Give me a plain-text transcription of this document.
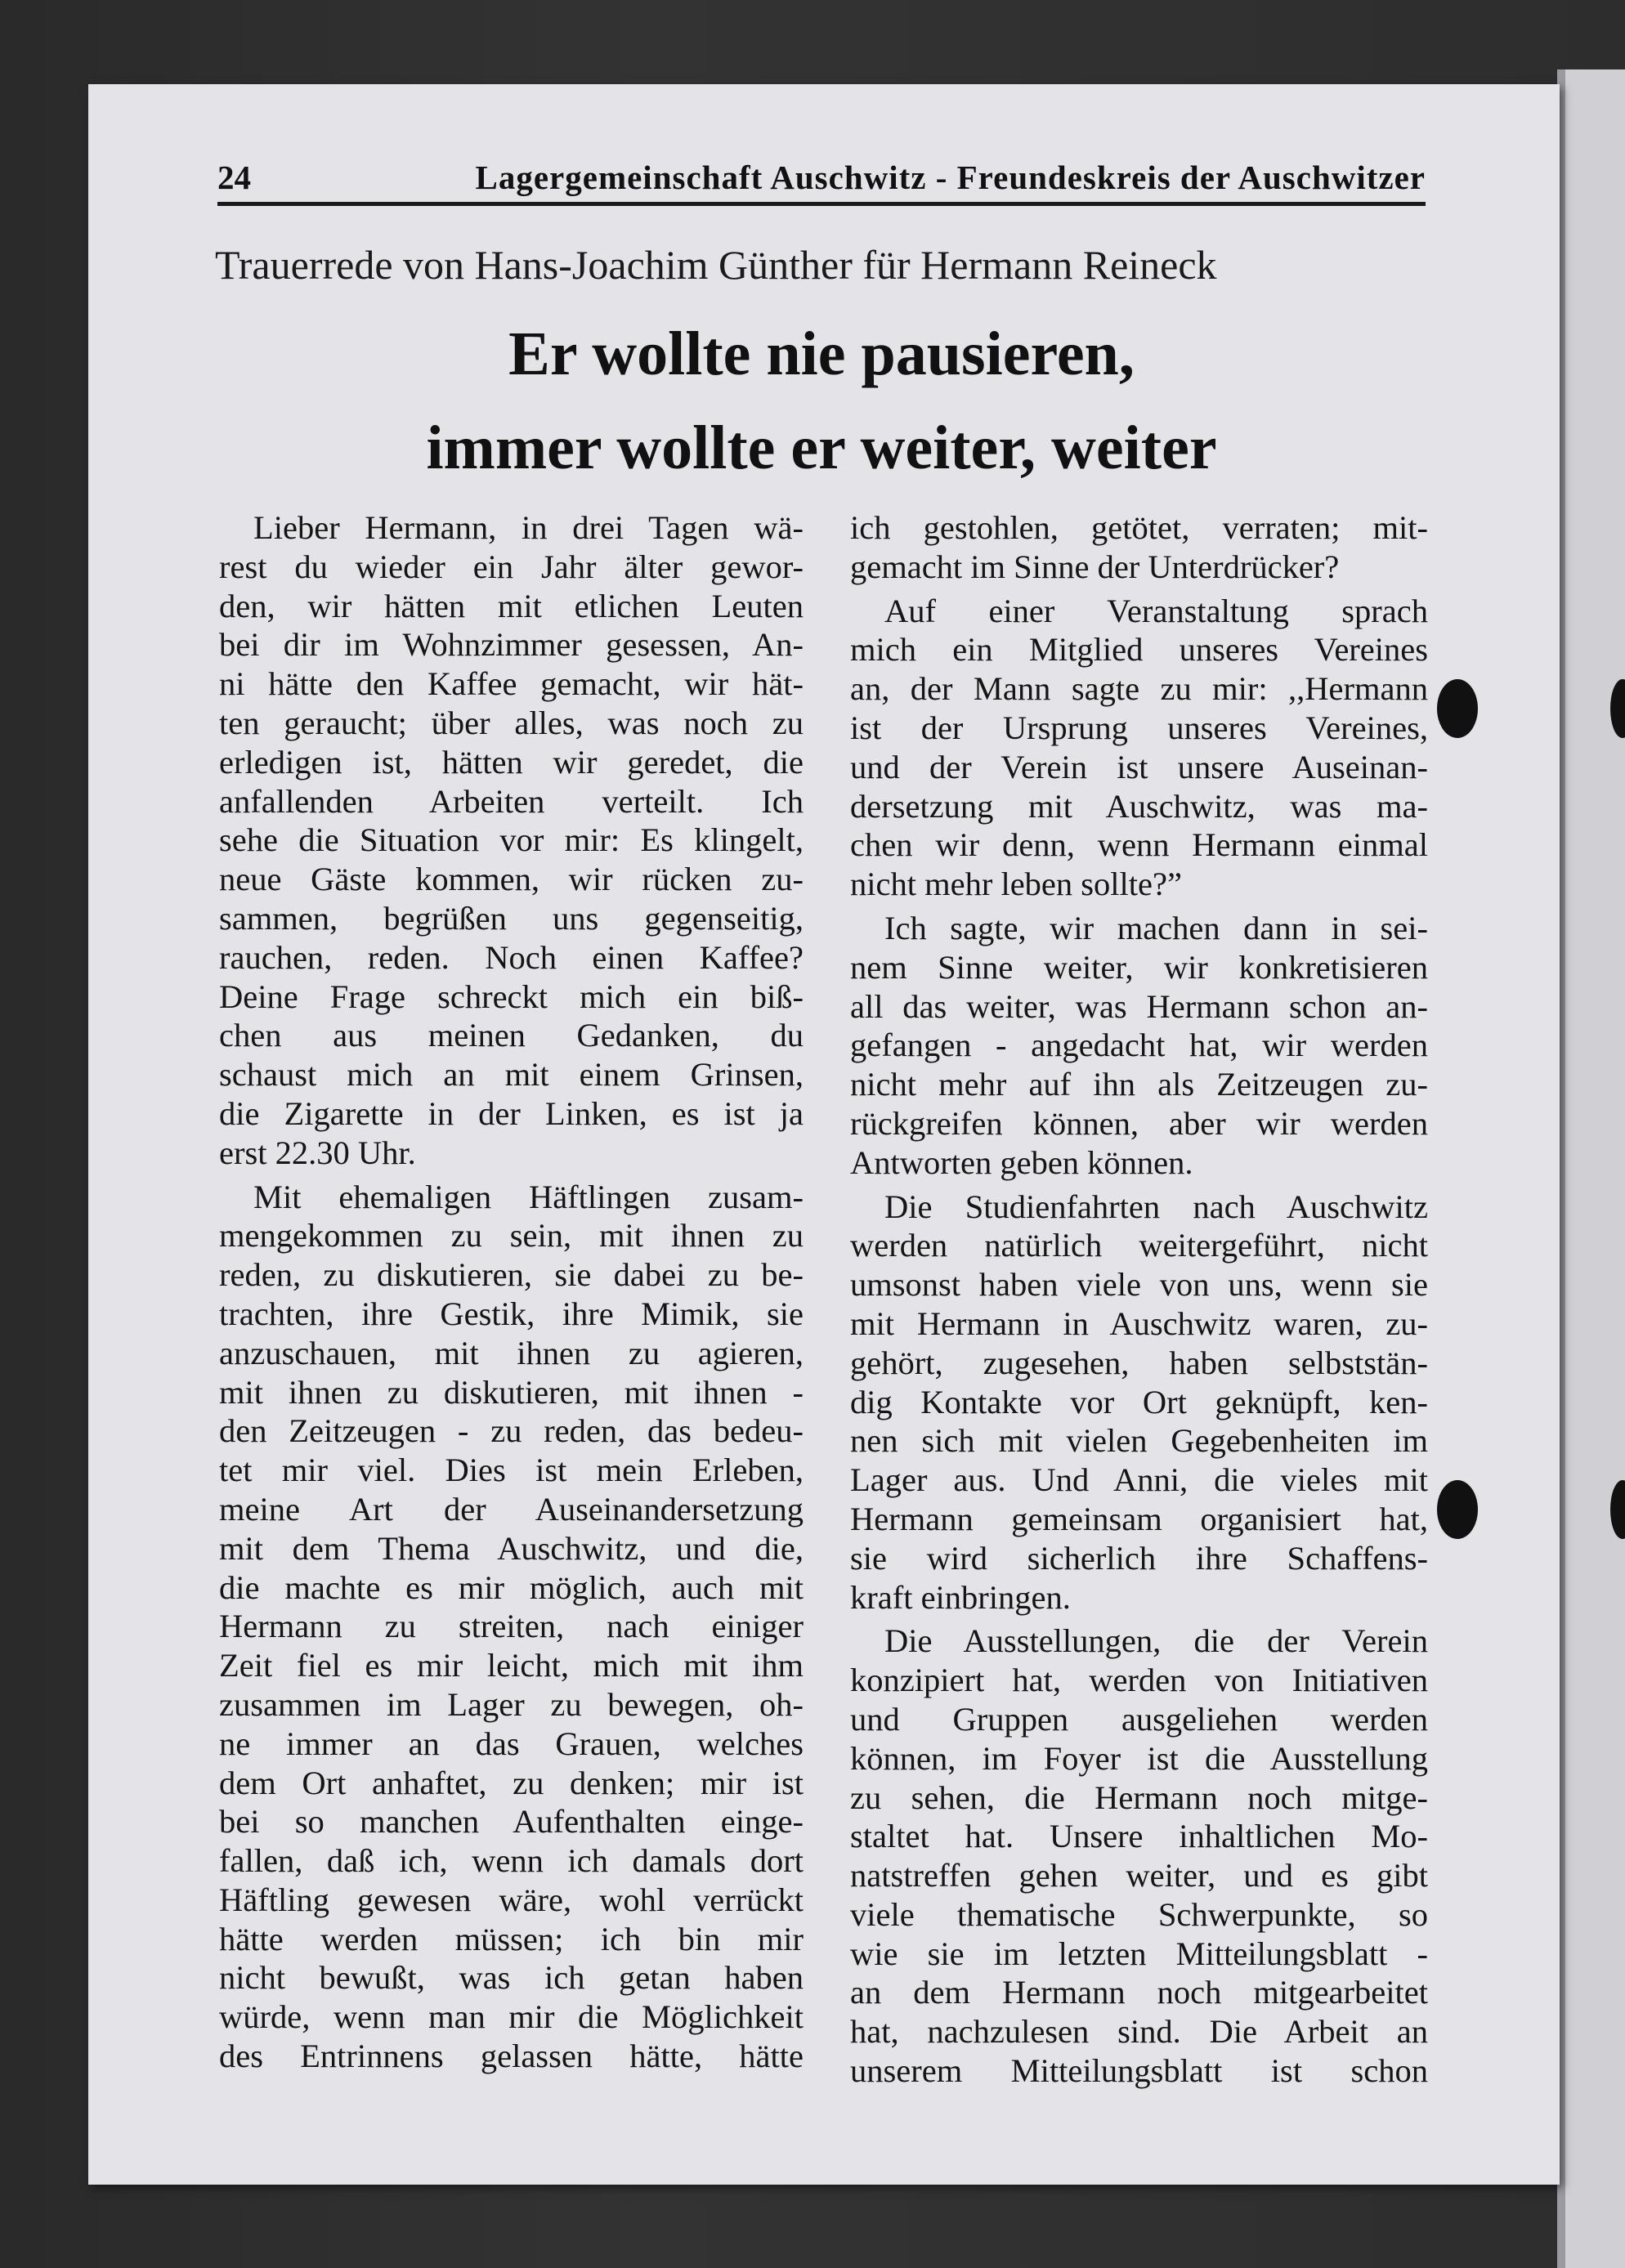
24	Lagergemeinschaft Auschwitz - Freundeskreis der Auschwitzer
Trauerrede von Hans-Joachim Günther für Hermann Reineck
Er wollte nie pausieren,
immer wollte er weiter, weiter
Lieber Hermann, in drei Tagen wä-
rest du wieder ein Jahr älter gewor-
den, wir hätten mit etlichen Leuten
bei dir im Wohnzimmer gesessen, An-
ni hätte den Kaffee gemacht, wir hät-
ten geraucht; über alles, was noch zu
erledigen ist, hätten wir geredet, die
anfallenden Arbeiten verteilt. Ich
sehe die Situation vor mir: Es klingelt,
neue Gäste kommen, wir rücken zu-
sammen, begrüßen uns gegenseitig,
rauchen, reden. Noch einen Kaffee?
Deine Frage schreckt mich ein biß-
chen aus meinen Gedanken, du
schaust mich an mit einem Grinsen,
die Zigarette in der Linken, es ist ja
erst 22.30 Uhr.
Mit ehemaligen Häftlingen zusam-
mengekommen zu sein, mit ihnen zu
reden, zu diskutieren, sie dabei zu be-
trachten, ihre Gestik, ihre Mimik, sie
anzuschauen, mit ihnen zu agieren,
mit ihnen zu diskutieren, mit ihnen -
den Zeitzeugen - zu reden, das bedeu-
tet mir viel. Dies ist mein Erleben,
meine Art der Auseinandersetzung
mit dem Thema Auschwitz, und die,
die machte es mir möglich, auch mit
Hermann zu streiten, nach einiger
Zeit fiel es mir leicht, mich mit ihm
zusammen im Lager zu bewegen, oh-
ne immer an das Grauen, welches
dem Ort anhaftet, zu denken; mir ist
bei so manchen Aufenthalten einge-
fallen, daß ich, wenn ich damals dort
Häftling gewesen wäre, wohl verrückt
hätte werden müssen; ich bin mir
nicht bewußt, was ich getan haben
würde, wenn man mir die Möglichkeit
des Entrinnens gelassen hätte, hätte
ich gestohlen, getötet, verraten; mit-
gemacht im Sinne der Unterdrücker?
Auf einer Veranstaltung sprach
mich ein Mitglied unseres Vereines
an, der Mann sagte zu mir: ,,Hermann
ist der Ursprung unseres Vereines,
und der Verein ist unsere Auseinan-
dersetzung mit Auschwitz, was ma-
chen wir denn, wenn Hermann einmal
nicht mehr leben sollte?”
Ich sagte, wir machen dann in sei-
nem Sinne weiter, wir konkretisieren
all das weiter, was Hermann schon an-
gefangen - angedacht hat, wir werden
nicht mehr auf ihn als Zeitzeugen zu-
rückgreifen können, aber wir werden
Antworten geben können.
Die Studienfahrten nach Auschwitz
werden natürlich weitergeführt, nicht
umsonst haben viele von uns, wenn sie
mit Hermann in Auschwitz waren, zu-
gehört, zugesehen, haben selbststän-
dig Kontakte vor Ort geknüpft, ken-
nen sich mit vielen Gegebenheiten im
Lager aus. Und Anni, die vieles mit
Hermann gemeinsam organisiert hat,
sie wird sicherlich ihre Schaffens-
kraft einbringen.
Die Ausstellungen, die der Verein
konzipiert hat, werden von Initiativen
und Gruppen ausgeliehen werden
können, im Foyer ist die Ausstellung
zu sehen, die Hermann noch mitge-
staltet hat. Unsere inhaltlichen Mo-
natstreffen gehen weiter, und es gibt
viele thematische Schwerpunkte, so
wie sie im letzten Mitteilungsblatt -
an dem Hermann noch mitgearbeitet
hat, nachzulesen sind. Die Arbeit an
unserem Mitteilungsblatt ist schon
